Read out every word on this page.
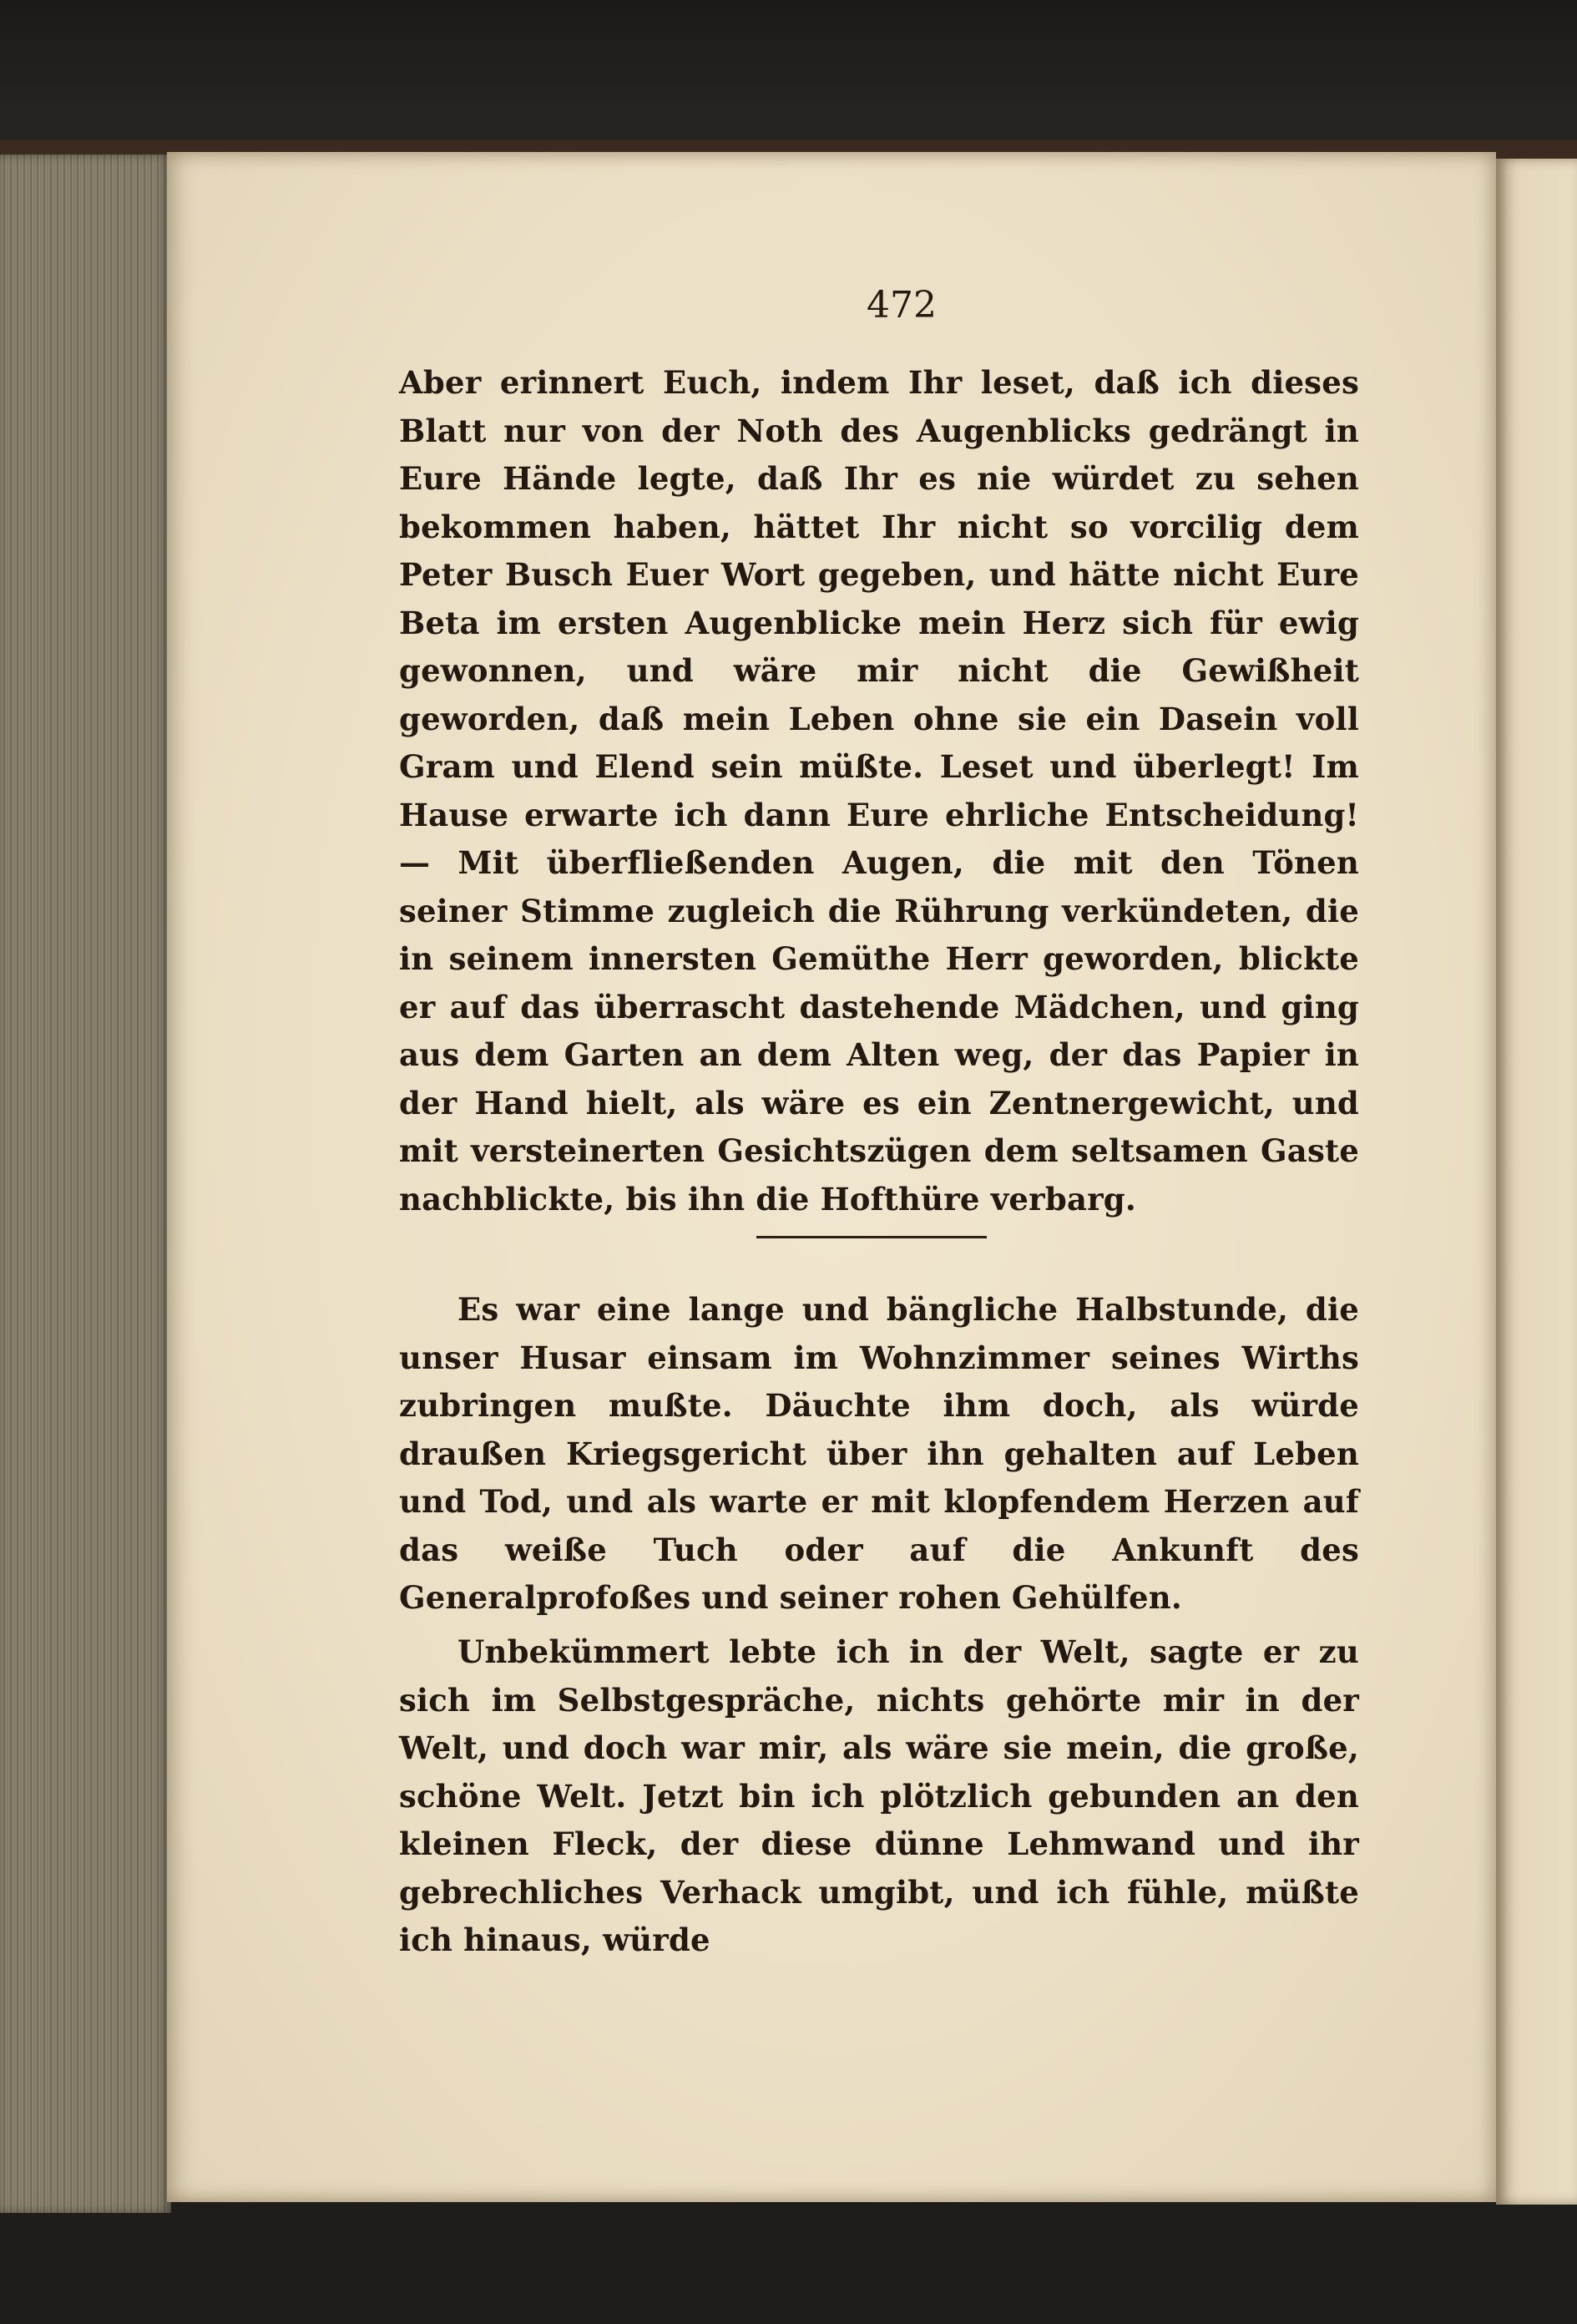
472

Aber erinnert Euch, indem Ihr leset, daß ich dieses Blatt nur von der Noth des Augenblicks gedrängt in Eure Hände legte, daß Ihr es nie würdet zu sehen bekommen haben, hättet Ihr nicht so vorcilig dem Peter Busch Euer Wort gegeben, und hätte nicht Eure Beta im ersten Augenblicke mein Herz sich für ewig gewonnen, und wäre mir nicht die Gewißheit geworden, daß mein Leben ohne sie ein Dasein voll Gram und Elend sein müßte. Leset und überlegt! Im Hause erwarte ich dann Eure ehrliche Entscheidung! — Mit überfließenden Augen, die mit den Tönen seiner Stimme zugleich die Rührung verkündeten, die in seinem innersten Gemüthe Herr geworden, blickte er auf das überrascht dastehende Mädchen, und ging aus dem Garten an dem Alten weg, der das Papier in der Hand hielt, als wäre es ein Zentnergewicht, und mit versteinerten Gesichtszügen dem seltsamen Gaste nachblickte, bis ihn die Hofthüre verbarg.

Es war eine lange und bängliche Halbstunde, die unser Husar einsam im Wohnzimmer seines Wirths zubringen mußte. Däuchte ihm doch, als würde draußen Kriegsgericht über ihn gehalten auf Leben und Tod, und als warte er mit klopfendem Herzen auf das weiße Tuch oder auf die Ankunft des Generalprofoßes und seiner rohen Gehülfen.

Unbekümmert lebte ich in der Welt, sagte er zu sich im Selbstgespräche, nichts gehörte mir in der Welt, und doch war mir, als wäre sie mein, die große, schöne Welt. Jetzt bin ich plötzlich gebunden an den kleinen Fleck, der diese dünne Lehmwand und ihr gebrechliches Verhack umgibt, und ich fühle, müßte ich hinaus, würde
